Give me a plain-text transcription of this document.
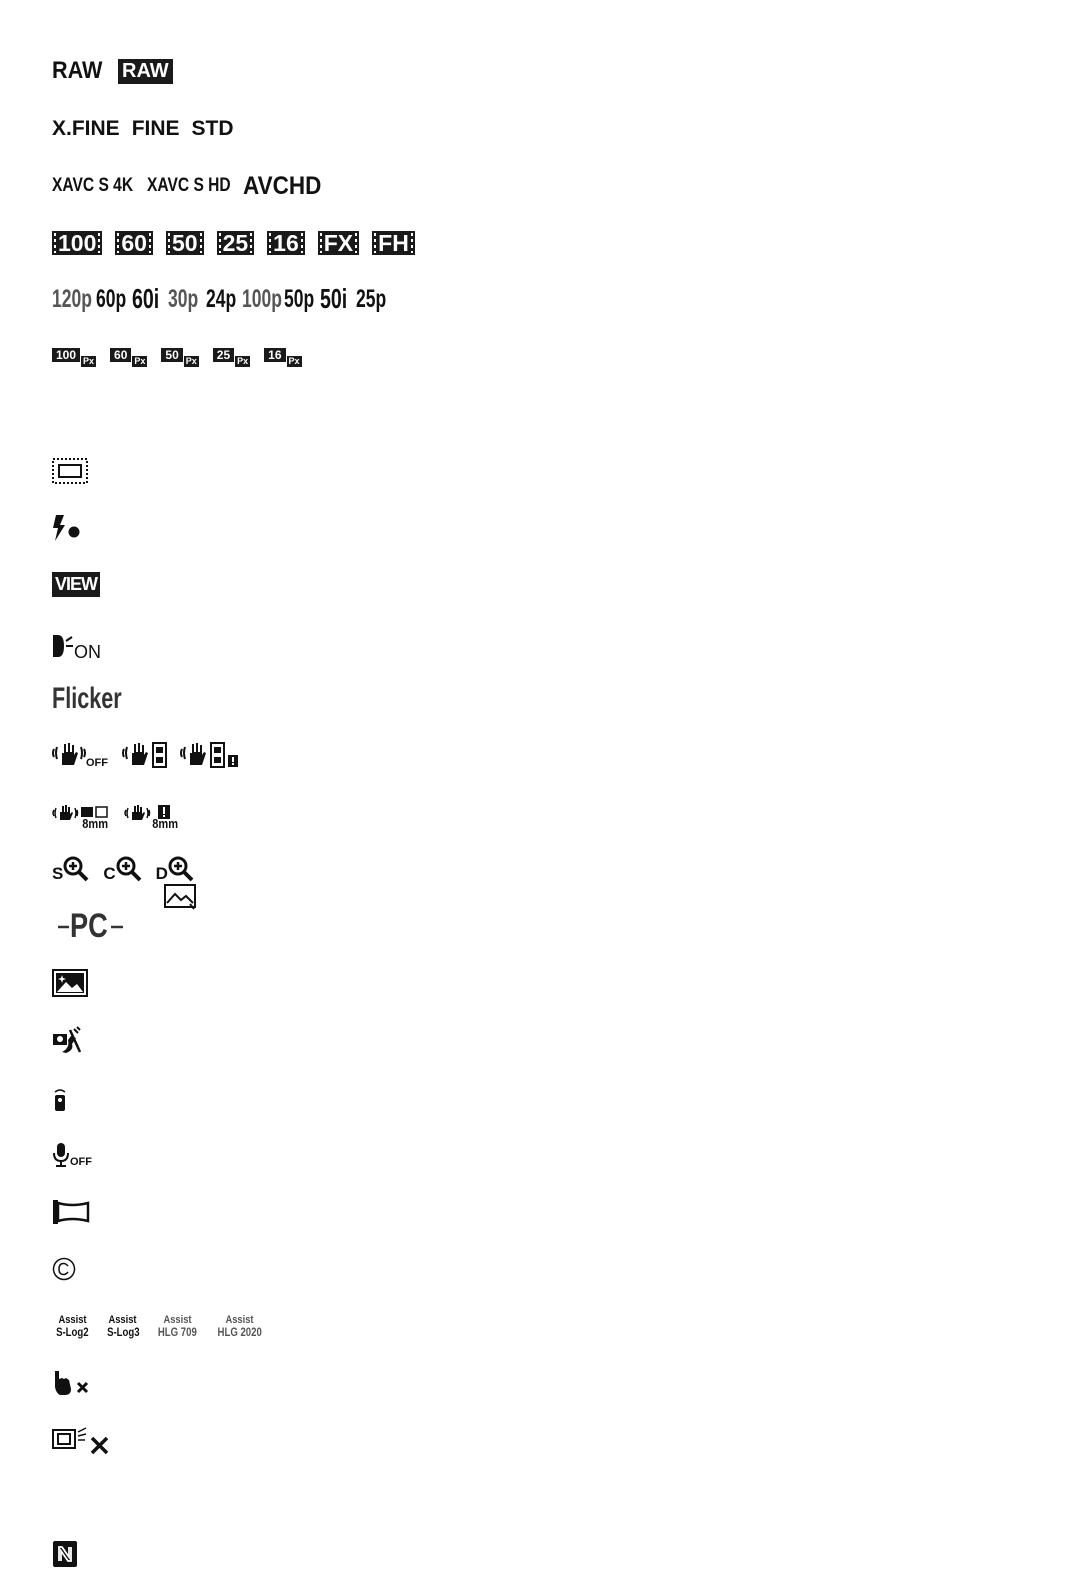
RAW RAW
X.FINE FINE STD
XAVC S 4K XAVC S HD AVCHD
100 60 50 25 16 FX FH
120p 60p 60i 30p 24p 100p 50p 50i 25p
100 Px	60 Px	50 Px	25 Px	16 Px
VIEW
ON
Flicker
OFF
8mm	8mm
S C D
PC
OFF
Assist
S-Log2
Assist
S-Log3
Assist
HLG 709
Assist
HLG 2020
